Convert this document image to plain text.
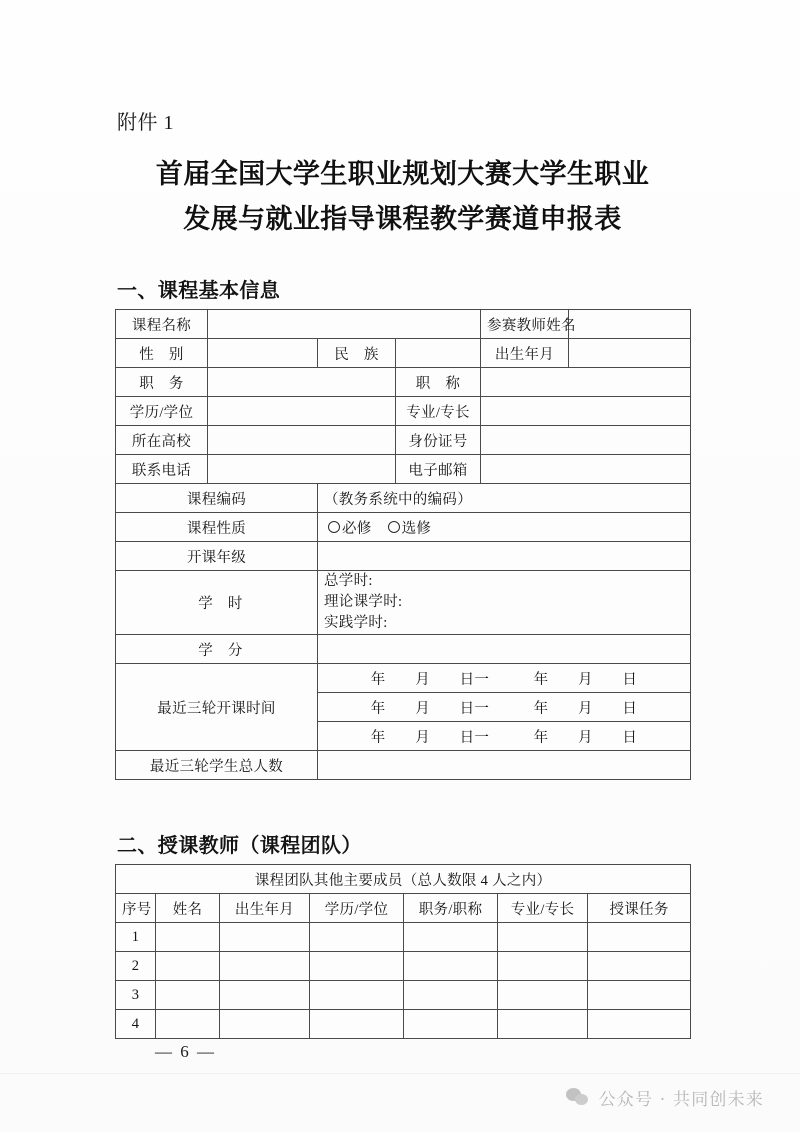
附件 1
首届全国大学生职业规划大赛大学生职业
发展与就业指导课程教学赛道申报表
一、课程基本信息
课程名称				参赛教师姓名	
性　别		民　族		出生年月	
职　务			职　称		
学历/学位			专业/专长		
所在高校			身份证号		
联系电话			电子邮箱		
课程编码		（教务系统中的编码）			
课程性质		必修 选修			

开课年级					
学　时		总学时:
理论课学时:
实践学时:			

学　分					
最近三轮开课时间		年　　月　　日一　　　年　　月　　日			
		年　　月　　日一　　　年　　月　　日			
		年　　月　　日一　　　年　　月　　日			
最近三轮学生总人数					
二、授课教师（课程团队）
课程团队其他主要成员（总人数限 4 人之内）						
序号	姓名	出生年月	学历/学位	职务/职称	专业/专长	授课任务
1						
2						
3						
4						
— 6 —
公众号 · 共同创未来
